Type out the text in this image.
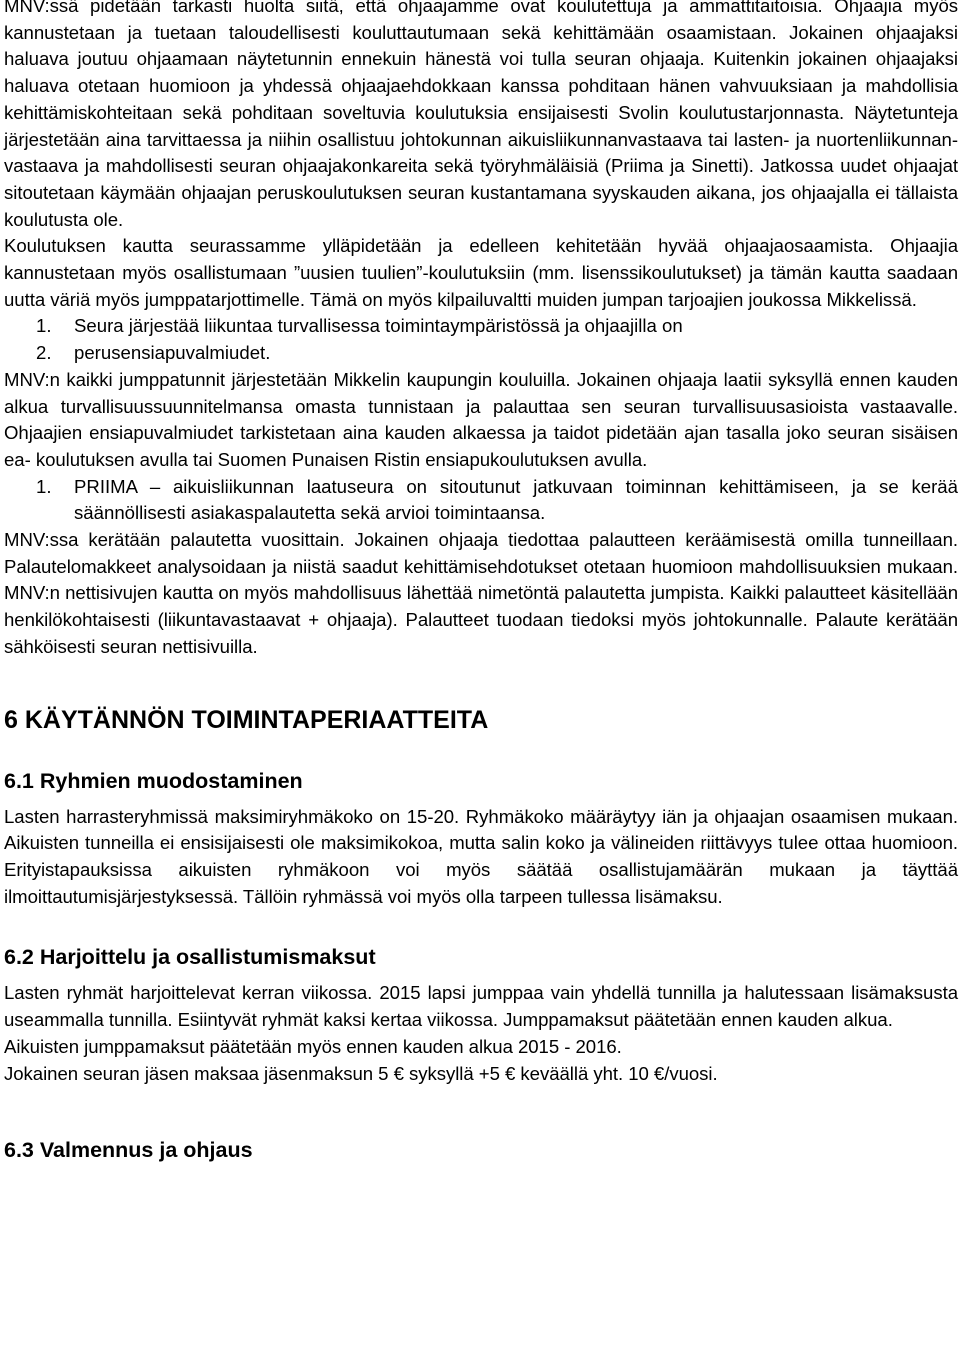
MNV:ssä pidetään tarkasti huolta siitä, että ohjaajamme ovat koulutettuja ja ammattitaitoisia. Ohjaajia myös kannustetaan ja tuetaan taloudellisesti kouluttautumaan sekä kehittämään osaamistaan. Jokainen ohjaajaksi haluava joutuu ohjaamaan näytetunnin ennekuin hänestä voi tulla seuran ohjaaja. Kuitenkin jokainen ohjaajaksi haluava otetaan huomioon ja yhdessä ohjaajaehdokkaan kanssa pohditaan hänen vahvuuksiaan ja mahdollisia kehittämiskohteitaan sekä pohditaan soveltuvia koulutuksia ensijaisesti Svolin koulutustarjonnasta. Näytetunteja järjestetään aina tarvittaessa ja niihin osallistuu johtokunnan aikuisliikunnanvastaava tai lasten- ja nuortenliikunnan-vastaava ja mahdollisesti seuran ohjaajakonkareita sekä työryhmäläisiä (Priima ja Sinetti). Jatkossa uudet ohjaajat sitoutetaan käymään ohjaajan peruskoulutuksen seuran kustantamana syyskauden aikana, jos ohjaajalla ei tällaista koulutusta ole.

Koulutuksen kautta seurassamme ylläpidetään ja edelleen kehitetään hyvää ohjaajaosaamista. Ohjaajia kannustetaan myös osallistumaan ”uusien tuulien”-koulutuksiin (mm. lisenssikoulutukset) ja tämän kautta saadaan uutta väriä myös jumppatarjottimelle. Tämä on myös kilpailuvaltti muiden jumpan tarjoajien joukossa Mikkelissä.

1.	Seura järjestää liikuntaa turvallisessa toimintaympäristössä ja ohjaajilla on
2.	perusensiapuvalmiudet.

MNV:n kaikki jumppatunnit järjestetään Mikkelin kaupungin kouluilla. Jokainen ohjaaja laatii syksyllä ennen kauden alkua turvallisuussuunnitelmansa omasta tunnistaan ja palauttaa sen seuran turvallisuusasioista vastaavalle. Ohjaajien ensiapuvalmiudet tarkistetaan aina kauden alkaessa ja taidot pidetään ajan tasalla joko seuran sisäisen ea- koulutuksen avulla tai Suomen Punaisen Ristin ensiapukoulutuksen avulla.

1.	PRIIMA – aikuisliikunnan laatuseura on sitoutunut jatkuvaan toiminnan kehittämiseen, ja se kerää säännöllisesti asiakaspalautetta sekä arvioi toimintaansa.

MNV:ssa kerätään palautetta vuosittain. Jokainen ohjaaja tiedottaa palautteen keräämisestä omilla tunneillaan. Palautelomakkeet analysoidaan ja niistä saadut kehittämisehdotukset otetaan huomioon mahdollisuuksien mukaan. MNV:n nettisivujen kautta on myös mahdollisuus lähettää nimetöntä palautetta jumpista. Kaikki palautteet käsitellään henkilökohtaisesti (liikuntavastaavat + ohjaaja). Palautteet tuodaan tiedoksi myös johtokunnalle. Palaute kerätään sähköisesti seuran nettisivuilla.

6 KÄYTÄNNÖN TOIMINTAPERIAATTEITA
6.1 Ryhmien muodostaminen

Lasten harrasteryhmissä maksimiryhmäkoko on 15-20. Ryhmäkoko määräytyy iän ja ohjaajan osaamisen mukaan. Aikuisten tunneilla ei ensisijaisesti ole maksimikokoa, mutta salin koko ja välineiden riittävyys tulee ottaa huomioon. Erityistapauksissa aikuisten ryhmäkoon voi myös säätää osallistujamäärän mukaan ja täyttää ilmoittautumisjärjestyksessä. Tällöin ryhmässä voi myös olla tarpeen tullessa lisämaksu.

6.2 Harjoittelu ja osallistumismaksut

Lasten ryhmät harjoittelevat kerran viikossa. 2015 lapsi jumppaa vain yhdellä tunnilla ja halutessaan lisämaksusta useammalla tunnilla. Esiintyvät ryhmät kaksi kertaa viikossa. Jumppamaksut päätetään ennen kauden alkua.

Aikuisten jumppamaksut päätetään myös ennen kauden alkua 2015 - 2016.

Jokainen seuran jäsen maksaa jäsenmaksun 5 € syksyllä +5 € keväällä yht. 10 €/vuosi.

6.3 Valmennus ja ohjaus
